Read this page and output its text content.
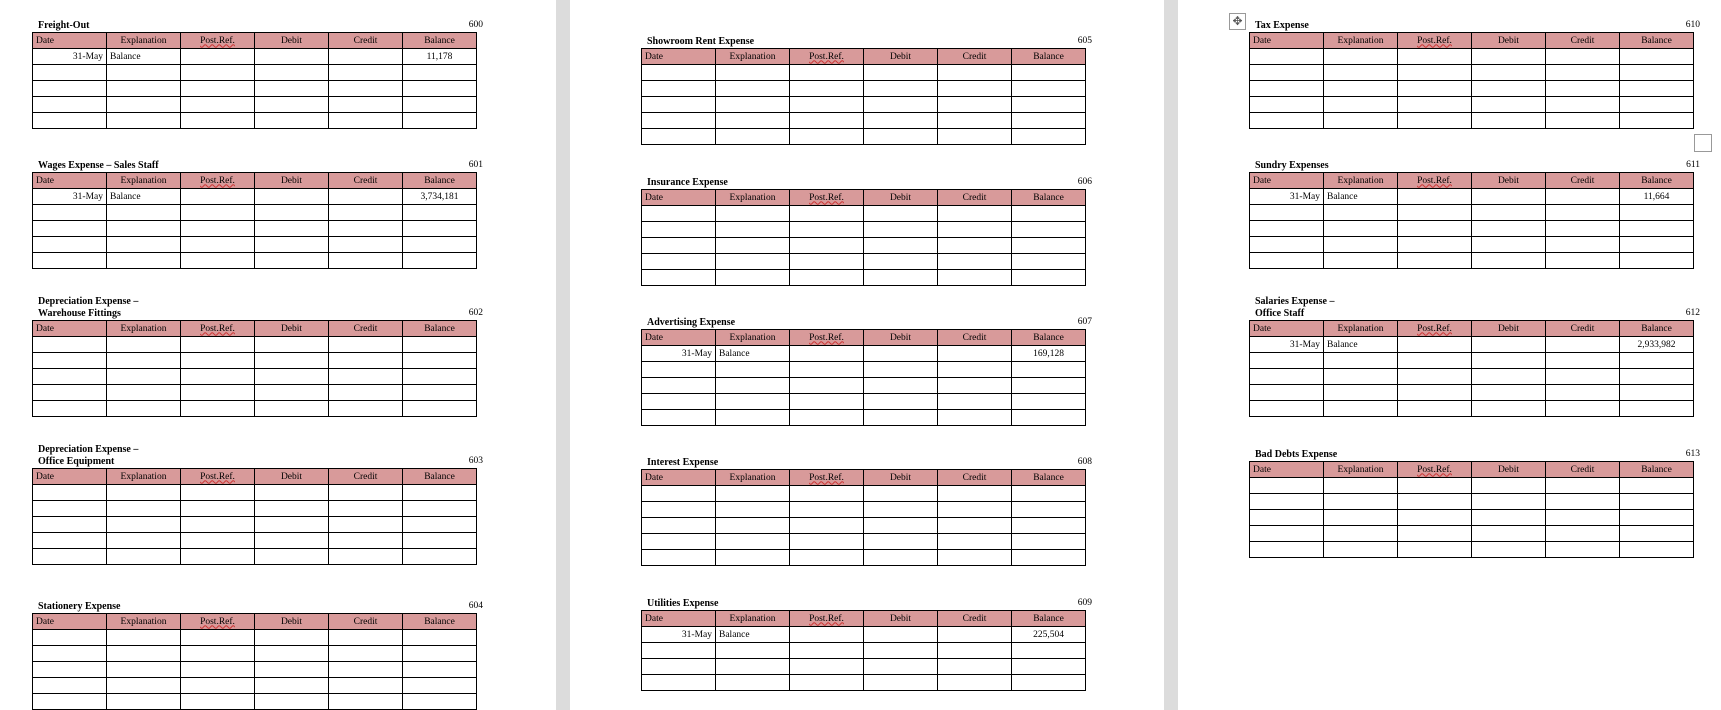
✥
Freight-Out	600
Date	Explanation	Post.Ref.	Debit	Credit	Balance
31-May	Balance				11,178

Wages Expense – Sales Staff	601
Date	Explanation	Post.Ref.	Debit	Credit	Balance
31-May	Balance				3,734,181

Depreciation Expense –
Warehouse Fittings	602
Date	Explanation	Post.Ref.	Debit	Credit	Balance

Depreciation Expense –
Office Equipment	603
Date	Explanation	Post.Ref.	Debit	Credit	Balance

Stationery Expense	604
Date	Explanation	Post.Ref.	Debit	Credit	Balance

Showroom Rent Expense	605
Date	Explanation	Post.Ref.	Debit	Credit	Balance

Insurance Expense	606
Date	Explanation	Post.Ref.	Debit	Credit	Balance

Advertising Expense	607
Date	Explanation	Post.Ref.	Debit	Credit	Balance
31-May	Balance				169,128

Interest Expense	608
Date	Explanation	Post.Ref.	Debit	Credit	Balance

Utilities Expense	609
Date	Explanation	Post.Ref.	Debit	Credit	Balance
31-May	Balance				225,504

Tax Expense	610
Date	Explanation	Post.Ref.	Debit	Credit	Balance

Sundry Expenses	611
Date	Explanation	Post.Ref.	Debit	Credit	Balance
31-May	Balance				11,664

Salaries Expense –
Office Staff	612
Date	Explanation	Post.Ref.	Debit	Credit	Balance
31-May	Balance				2,933,982

Bad Debts Expense	613
Date	Explanation	Post.Ref.	Debit	Credit	Balance
